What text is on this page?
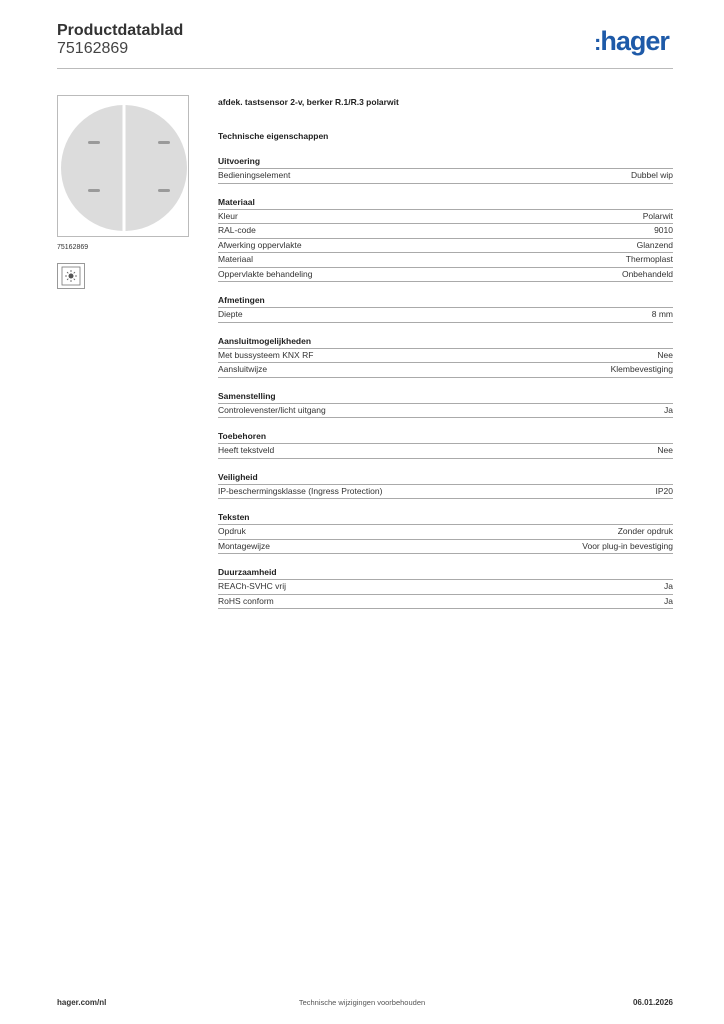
Productdatablad
75162869	:hager
75162869
afdek. tastsensor 2-v, berker R.1/R.3 polarwit
Technische eigenschappen
Uitvoering
Bedieningselement	Dubbel wip
Materiaal
Kleur	Polarwit
RAL-code	9010
Afwerking oppervlakte	Glanzend
Materiaal	Thermoplast
Oppervlakte behandeling	Onbehandeld
Afmetingen
Diepte	8 mm
Aansluitmogelijkheden
Met bussysteem KNX RF	Nee
Aansluitwijze	Klembevestiging
Samenstelling
Controlevenster/licht uitgang	Ja
Toebehoren
Heeft tekstveld	Nee
Veiligheid
IP-beschermingsklasse (Ingress Protection)	IP20
Teksten
Opdruk	Zonder opdruk
Montagewijze	Voor plug-in bevestiging
Duurzaamheid
REACh-SVHC vrij	Ja
RoHS conform	Ja
hager.com/nl	Technische wijzigingen voorbehouden	06.01.2026
